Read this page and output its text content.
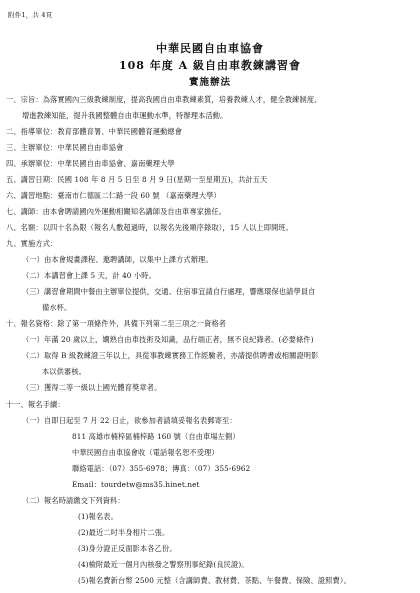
附件1，共 4頁
中華民國自由車協會
108 年度 A 級自由車教練講習會
實施辦法
一、宗旨：為落實國內三級教練制度，提高我國自由車教練素質，培養教練人才，健全教練制度、
增進教練知能，提升我國整體自由車運動水準，特辦理本活動。
二、指導單位：教育部體育署、中華民國體育運動總會
三、主辦單位：中華民國自由車協會
四、承辦單位：中華民國自由車協會、嘉南藥理大學
五、講習日期：民國 108 年 8 月 5 日至 8 月 9 日(星期一至星期五)，共計五天
六、講習地點：臺南市仁德區二仁路一段 60 號 （嘉南藥理大學）
七、講師：由本會聘請國內外運動相關知名講師及自由車專家擔任。
八、名額：以四十名為限（報名人數超過時，以報名先後順序錄取），15 人以上即開班。
九、實施方式：
（一）由本會規畫課程、邀聘講師，以集中上課方式辦理。
（二）本講習會上課 5 天，計 40 小時。
（三）講習會期間中餐由主辦單位提供，交通、住宿事宜請自行處理，響應環保也請學員自
備水杯。
十、報名資格：除了第一項條件外，具備下列第二至三項之一資格者
（一）年滿 20 歲以上，嫻熟自由車技術及知識，品行端正者，無不良紀錄者。(必要條件)
（二）取得 B 級教練證三年以上，具從事教練實務工作經驗者，亦請提供聘書或相關證明影
本以供審核。
（三）獲得二等一級以上國光體育獎章者。
十一、報名手續：
（一）自即日起至 7 月 22 日止，欲參加者請填妥報名表郵寄至：
811 高雄市楠梓區楠梓路 160 號（自由車場左側）
中華民國自由車協會收（電話報名恕不受理）
聯絡電話：（07）355-6978；傳真：（07）355-6962
Email：tourdetw@ms35.hinet.net
（二）報名時請繳交下列資料：
(1)報名表。
(2)最近二吋半身相片二張。
(3)身分證正反面影本各乙份。
(4)檢附最近一個月內核發之警察刑事紀錄(良民證)。
(5)報名費新台幣 2500 元整（含講師費、教材費、茶點、午餐費、保險、證照費）。
